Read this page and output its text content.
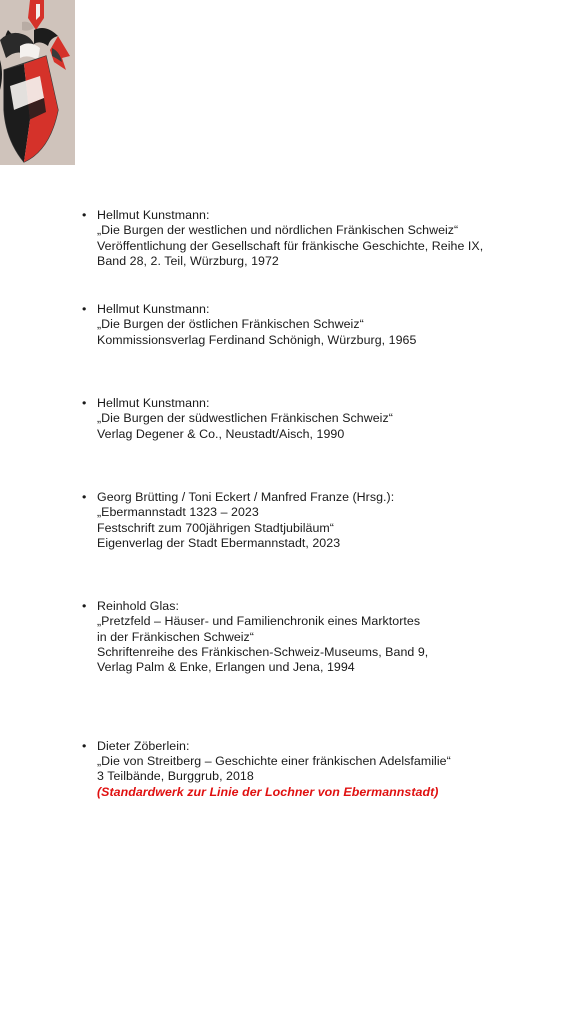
• Hellmut Kunstmann:
„Die Burgen der westlichen und nördlichen Fränkischen Schweiz“
Veröffentlichung der Gesellschaft für fränkische Geschichte, Reihe IX,
Band 28, 2. Teil, Würzburg, 1972
• Hellmut Kunstmann:
„Die Burgen der östlichen Fränkischen Schweiz“
Kommissionsverlag Ferdinand Schönigh, Würzburg, 1965
• Hellmut Kunstmann:
„Die Burgen der südwestlichen Fränkischen Schweiz“
Verlag Degener & Co., Neustadt/Aisch, 1990
• Georg Brütting / Toni Eckert / Manfred Franze (Hrsg.):
„Ebermannstadt 1323 – 2023
Festschrift zum 700jährigen Stadtjubiläum“
Eigenverlag der Stadt Ebermannstadt, 2023
• Reinhold Glas:
„Pretzfeld – Häuser- und Familienchronik eines Marktortes
in der Fränkischen Schweiz“
Schriftenreihe des Fränkischen-Schweiz-Museums, Band 9,
Verlag Palm & Enke, Erlangen und Jena, 1994
• Dieter Zöberlein:
„Die von Streitberg – Geschichte einer fränkischen Adelsfamilie“
3 Teilbände, Burggrub, 2018
(Standardwerk zur Linie der Lochner von Ebermannstadt)
